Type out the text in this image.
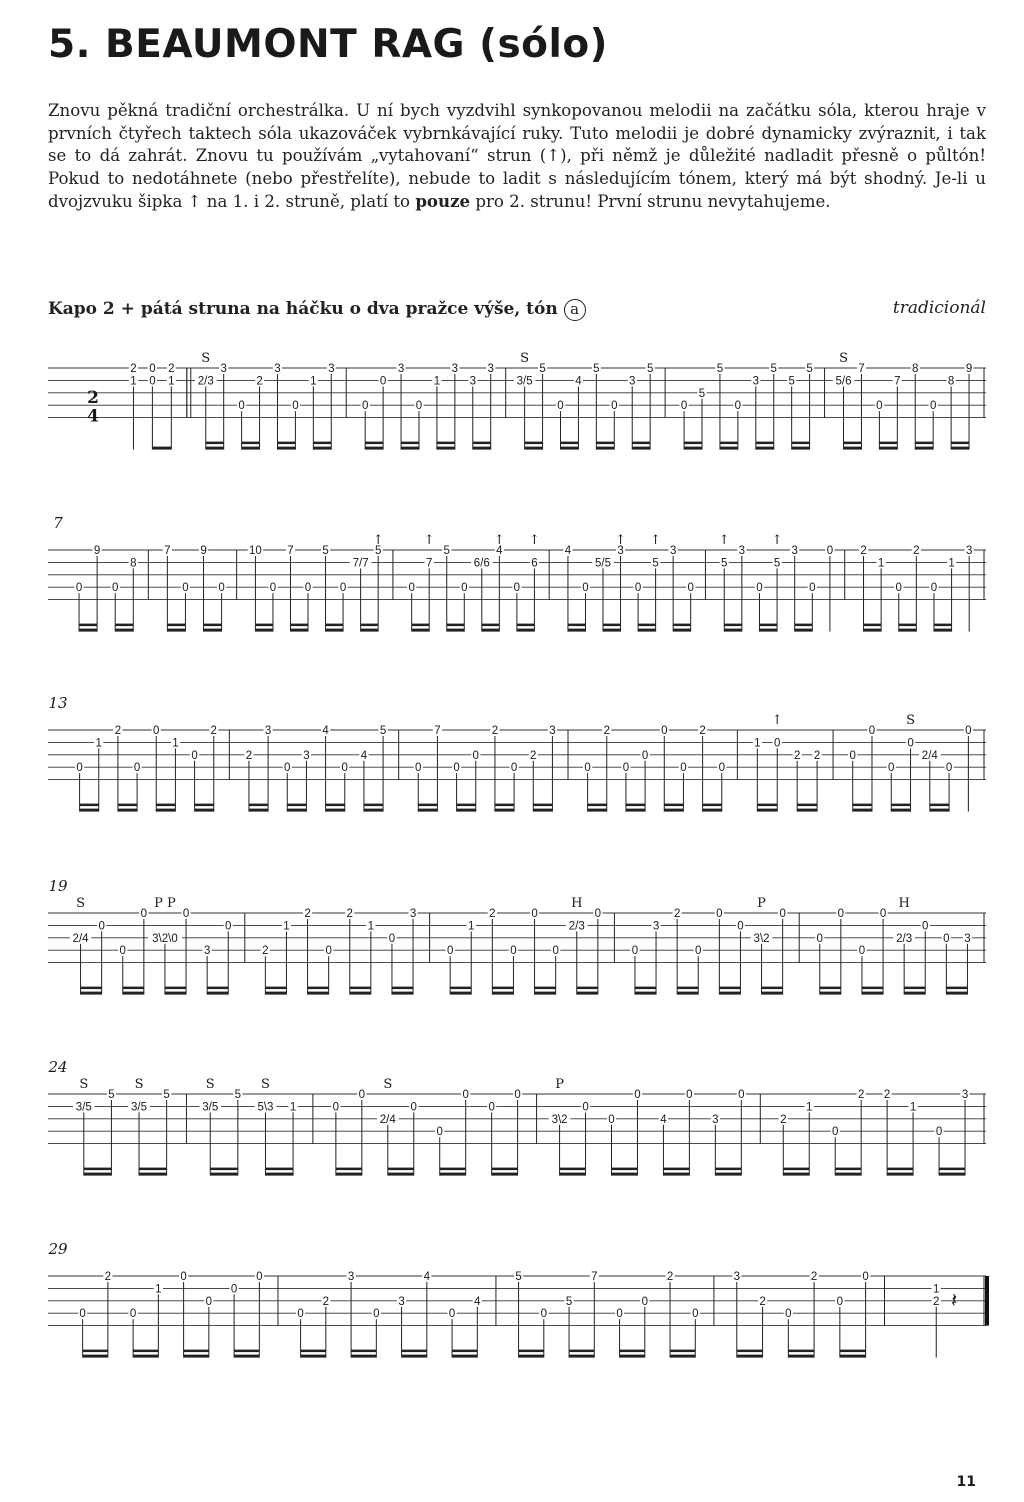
5. BEAUMONT RAG (sólo)

Znovu pěkná tradiční orchestrálka. U ní bych vyzdvihl synkopovanou melodii na začátku sóla, kterou hraje v prvních čtyřech taktech sóla ukazováček vybrnkávající ruky. Tuto melodii je dobré dynamicky zvýraznit, i tak se to dá zahrát. Znovu tu používám „vytahovaní“ strun (↑), při němž je důležité nadladit přesně o půltón! Pokud to nedotáhnete (nebo přestřelíte), nebude to ladit s následujícím tónem, který má být shodný. Je-li u dvojzvuku šipka ↑ na 1. i 2. struně, platí to pouze pro 2. strunu! První strunu nevytahujeme.

Kapo 2 + pátá struna na háčku o dva pražce výše, tón a	tradicionál

2
4
2
1
0
0
2
1 2/3
3
0
2
3
0
1
3
S
0
0
3
0
1
3
3
3
3/5
5
0
4
5
0
3
5
S
0
5
5
0
3
5
5
5
5/6
7
0
7
8
0
8
9
S
7
0
9
0
8
7
0
9
0
10
0
7
0
5
0
7/7
5
↑
0
7
5
0
6/6
4
0
6
↑	↑ ↑
4
0
5/5
3
0
5
3
0
↑ ↑
5
3
0
5
3
0
0
↑	↑
2
1
0
2
0
1
3
13
0
1
2
0
0
1
0
2
2
3
0
3
4
0
4
5
0
7
0
0
2
0
2
3
0
2
0
0
0
0
2
0
1 0
2 2
↑
0
0
0
0
2/4
0
0
S
19
2/4
0
0
0
3\2\0
0
3
0
S	P P
2
1
2
0
2
1
0
3
0
1
2
0
0
0
2/3
0
H
0
3
2
0
0
0
3\2
0
P
0
0
0
0
2/3
0
0 3
H
24
3/5
5
3/5
5
S	S
3/5
5
5\3 1
S	S
0
0
2/4
0
0
0
0
0
S
3\2
0
0
0
4
0
3
0
P
2
1
0
2 2
1
0
3
29
0
2
0
1
0
0
0
0
0
2
3
0
3
4
0
4
5
0
5
7
0
0
2
0
3
2
0
2
0
0
1
2 𝄽

11
